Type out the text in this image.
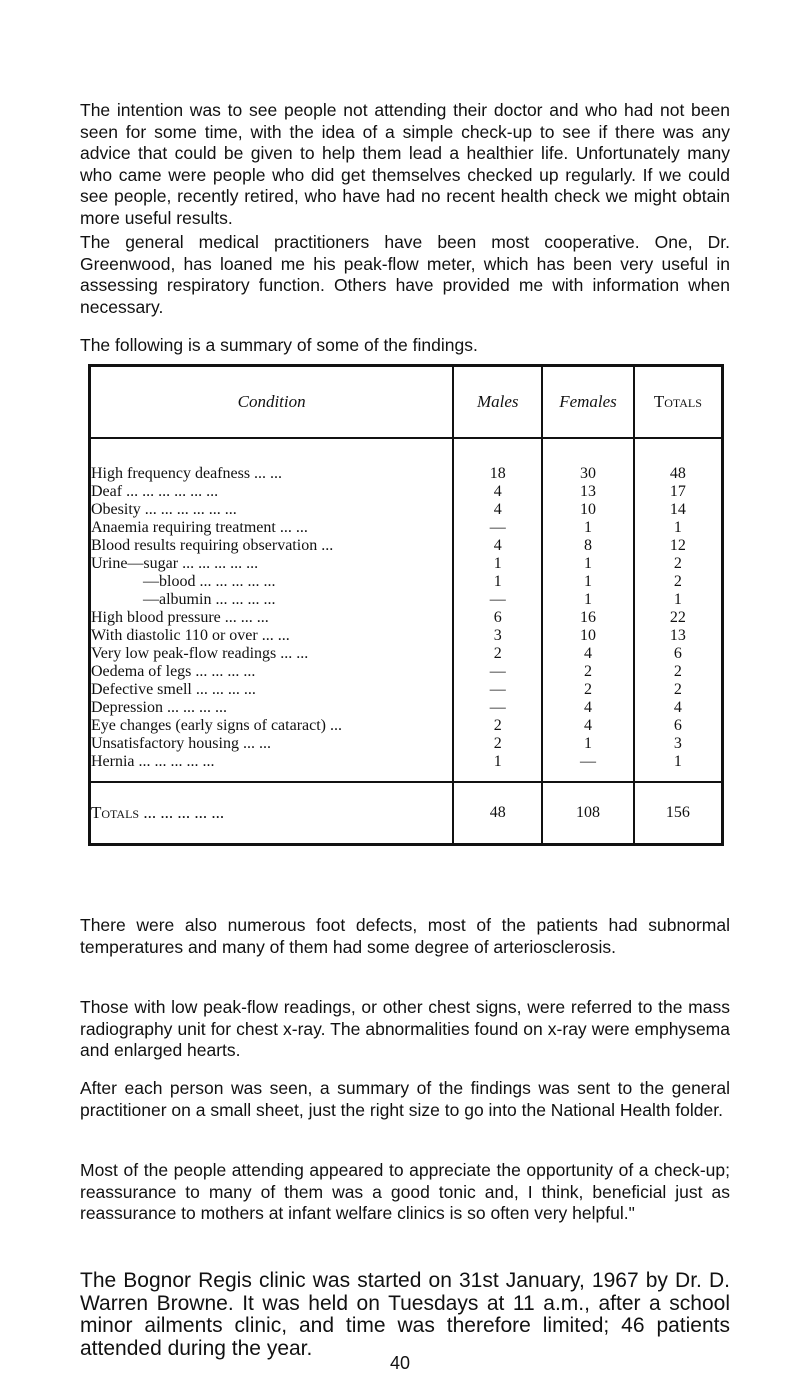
The intention was to see people not attending their doctor and who had not been seen for some time, with the idea of a simple check-up to see if there was any advice that could be given to help them lead a healthier life. Unfortunately many who came were people who did get themselves checked up regularly. If we could see people, recently retired, who have had no recent health check we might obtain more useful results.

The general medical practitioners have been most cooperative. One, Dr. Greenwood, has loaned me his peak-flow meter, which has been very useful in assessing respiratory function. Others have provided me with information when necessary.

The following is a summary of some of the findings.

Condition	Males	Females	Totals
High frequency deafness ... ...	18	30	48
Deaf ... ... ... ... ... ...	4	13	17
Obesity ... ... ... ... ... ...	4	10	14
Anaemia requiring treatment ... ...	—	1	1
Blood results requiring observation ...	4	8	12
Urine—sugar ... ... ... ... ...	1	1	2
—blood ... ... ... ... ...	1	1	2
—albumin ... ... ... ...	—	1	1
High blood pressure ... ... ...	6	16	22
With diastolic 110 or over ... ...	3	10	13
Very low peak-flow readings ... ...	2	4	6
Oedema of legs ... ... ... ...	—	2	2
Defective smell ... ... ... ...	—	2	2
Depression ... ... ... ...	—	4	4
Eye changes (early signs of cataract) ...	2	4	6
Unsatisfactory housing ... ...	2	1	3
Hernia ... ... ... ... ...	1	—	1
Totals ... ... ... ... ...	48	108	156

There were also numerous foot defects, most of the patients had subnormal temperatures and many of them had some degree of arteriosclerosis.

Those with low peak-flow readings, or other chest signs, were referred to the mass radiography unit for chest x-ray. The abnormalities found on x-ray were emphysema and enlarged hearts.

After each person was seen, a summary of the findings was sent to the general practitioner on a small sheet, just the right size to go into the National Health folder.

Most of the people attending appeared to appreciate the opportunity of a check-up; reassurance to many of them was a good tonic and, I think, beneficial just as reassurance to mothers at infant welfare clinics is so often very helpful."

The Bognor Regis clinic was started on 31st January, 1967 by Dr. D. Warren Browne. It was held on Tuesdays at 11 a.m., after a school minor ailments clinic, and time was therefore limited; 46 patients attended during the year.

40
